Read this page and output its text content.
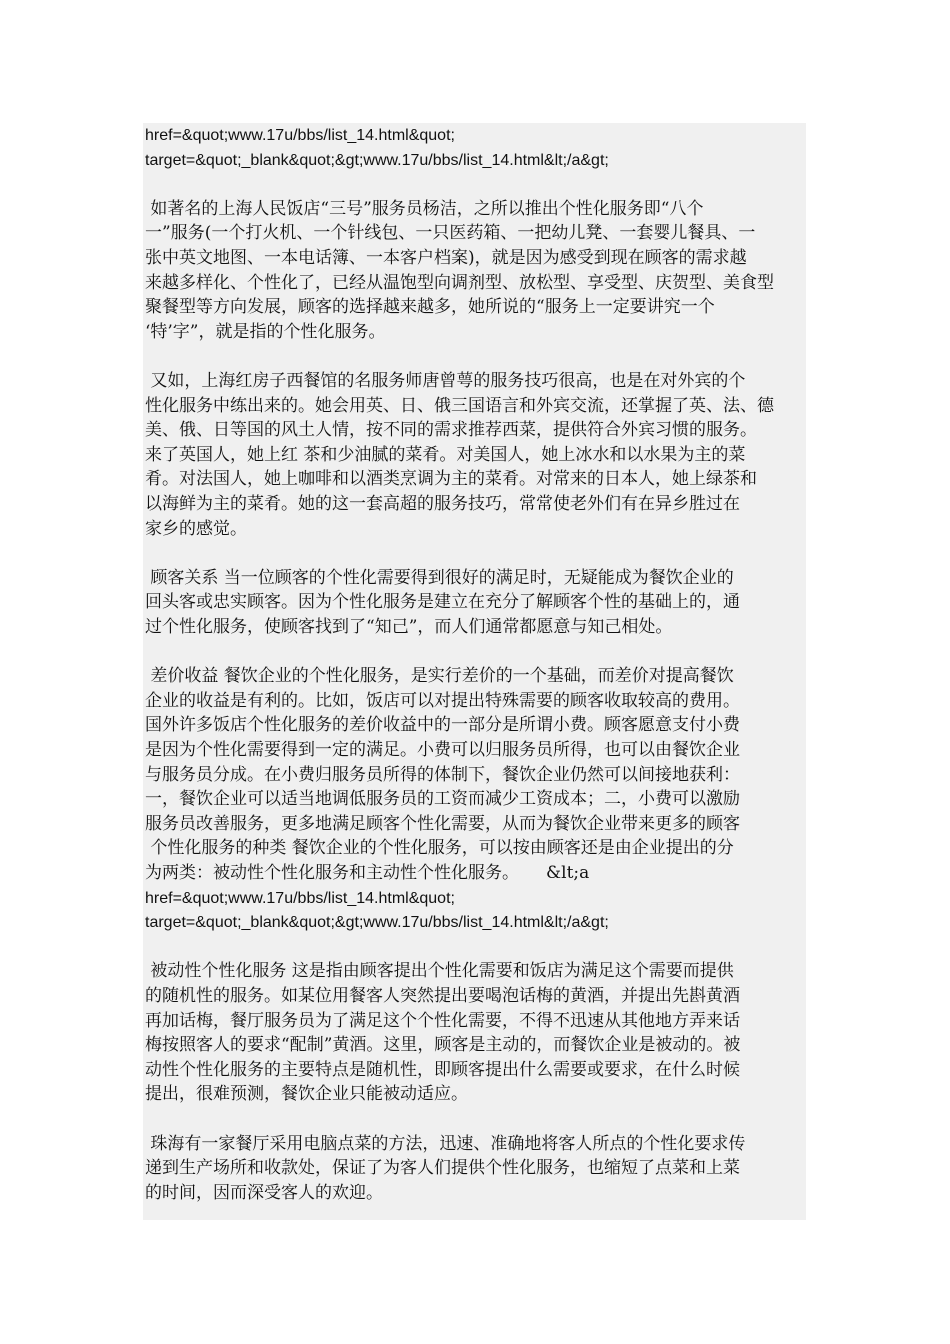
href=&quot;www.17u/bbs/list_14.html&quot;
target=&quot;_blank&quot;&gt;www.17u/bbs/list_14.html&lt;/a&gt;
如著名的上海人民饭店“三号”服务员杨洁，之所以推出个性化服务即“八个
一”服务(一个打火机、一个针线包、一只医药箱、一把幼儿凳、一套婴儿餐具、一
张中英文地图、一本电话簿、一本客户档案)，就是因为感受到现在顾客的需求越
来越多样化、个性化了，已经从温饱型向调剂型、放松型、享受型、庆贺型、美食型
聚餐型等方向发展，顾客的选择越来越多，她所说的“服务上一定要讲究一个
‘特’字”，就是指的个性化服务。
又如，上海红房子西餐馆的名服务师唐曾萼的服务技巧很高，也是在对外宾的个
性化服务中练出来的。她会用英、日、俄三国语言和外宾交流，还掌握了英、法、德
美、俄、日等国的风土人情，按不同的需求推荐西菜，提供符合外宾习惯的服务。
来了英国人，她上红 茶和少油腻的菜肴。对美国人，她上冰水和以水果为主的菜
肴。对法国人，她上咖啡和以酒类烹调为主的菜肴。对常来的日本人，她上绿茶和
以海鲜为主的菜肴。她的这一套高超的服务技巧，常常使老外们有在异乡胜过在
家乡的感觉。
顾客关系 当一位顾客的个性化需要得到很好的满足时，无疑能成为餐饮企业的
回头客或忠实顾客。因为个性化服务是建立在充分了解顾客个性的基础上的，通
过个性化服务，使顾客找到了“知己”，而人们通常都愿意与知己相处。
差价收益 餐饮企业的个性化服务，是实行差价的一个基础，而差价对提高餐饮
企业的收益是有利的。比如，饭店可以对提出特殊需要的顾客收取较高的费用。
国外许多饭店个性化服务的差价收益中的一部分是所谓小费。顾客愿意支付小费
是因为个性化需要得到一定的满足。小费可以归服务员所得，也可以由餐饮企业
与服务员分成。在小费归服务员所得的体制下，餐饮企业仍然可以间接地获利：
一，餐饮企业可以适当地调低服务员的工资而减少工资成本；二，小费可以激励
服务员改善服务，更多地满足顾客个性化需要，从而为餐饮企业带来更多的顾客
个性化服务的种类 餐饮企业的个性化服务，可以按由顾客还是由企业提出的分
为两类：被动性个性化服务和主动性个性化服务。     &lt;a
href=&quot;www.17u/bbs/list_14.html&quot;
target=&quot;_blank&quot;&gt;www.17u/bbs/list_14.html&lt;/a&gt;
被动性个性化服务 这是指由顾客提出个性化需要和饭店为满足这个需要而提供
的随机性的服务。如某位用餐客人突然提出要喝泡话梅的黄酒，并提出先斟黄酒
再加话梅，餐厅服务员为了满足这个个性化需要，不得不迅速从其他地方弄来话
梅按照客人的要求“配制”黄酒。这里，顾客是主动的，而餐饮企业是被动的。被
动性个性化服务的主要特点是随机性，即顾客提出什么需要或要求，在什么时候
提出，很难预测，餐饮企业只能被动适应。
珠海有一家餐厅采用电脑点菜的方法，迅速、准确地将客人所点的个性化要求传
递到生产场所和收款处，保证了为客人们提供个性化服务，也缩短了点菜和上菜
的时间，因而深受客人的欢迎。
